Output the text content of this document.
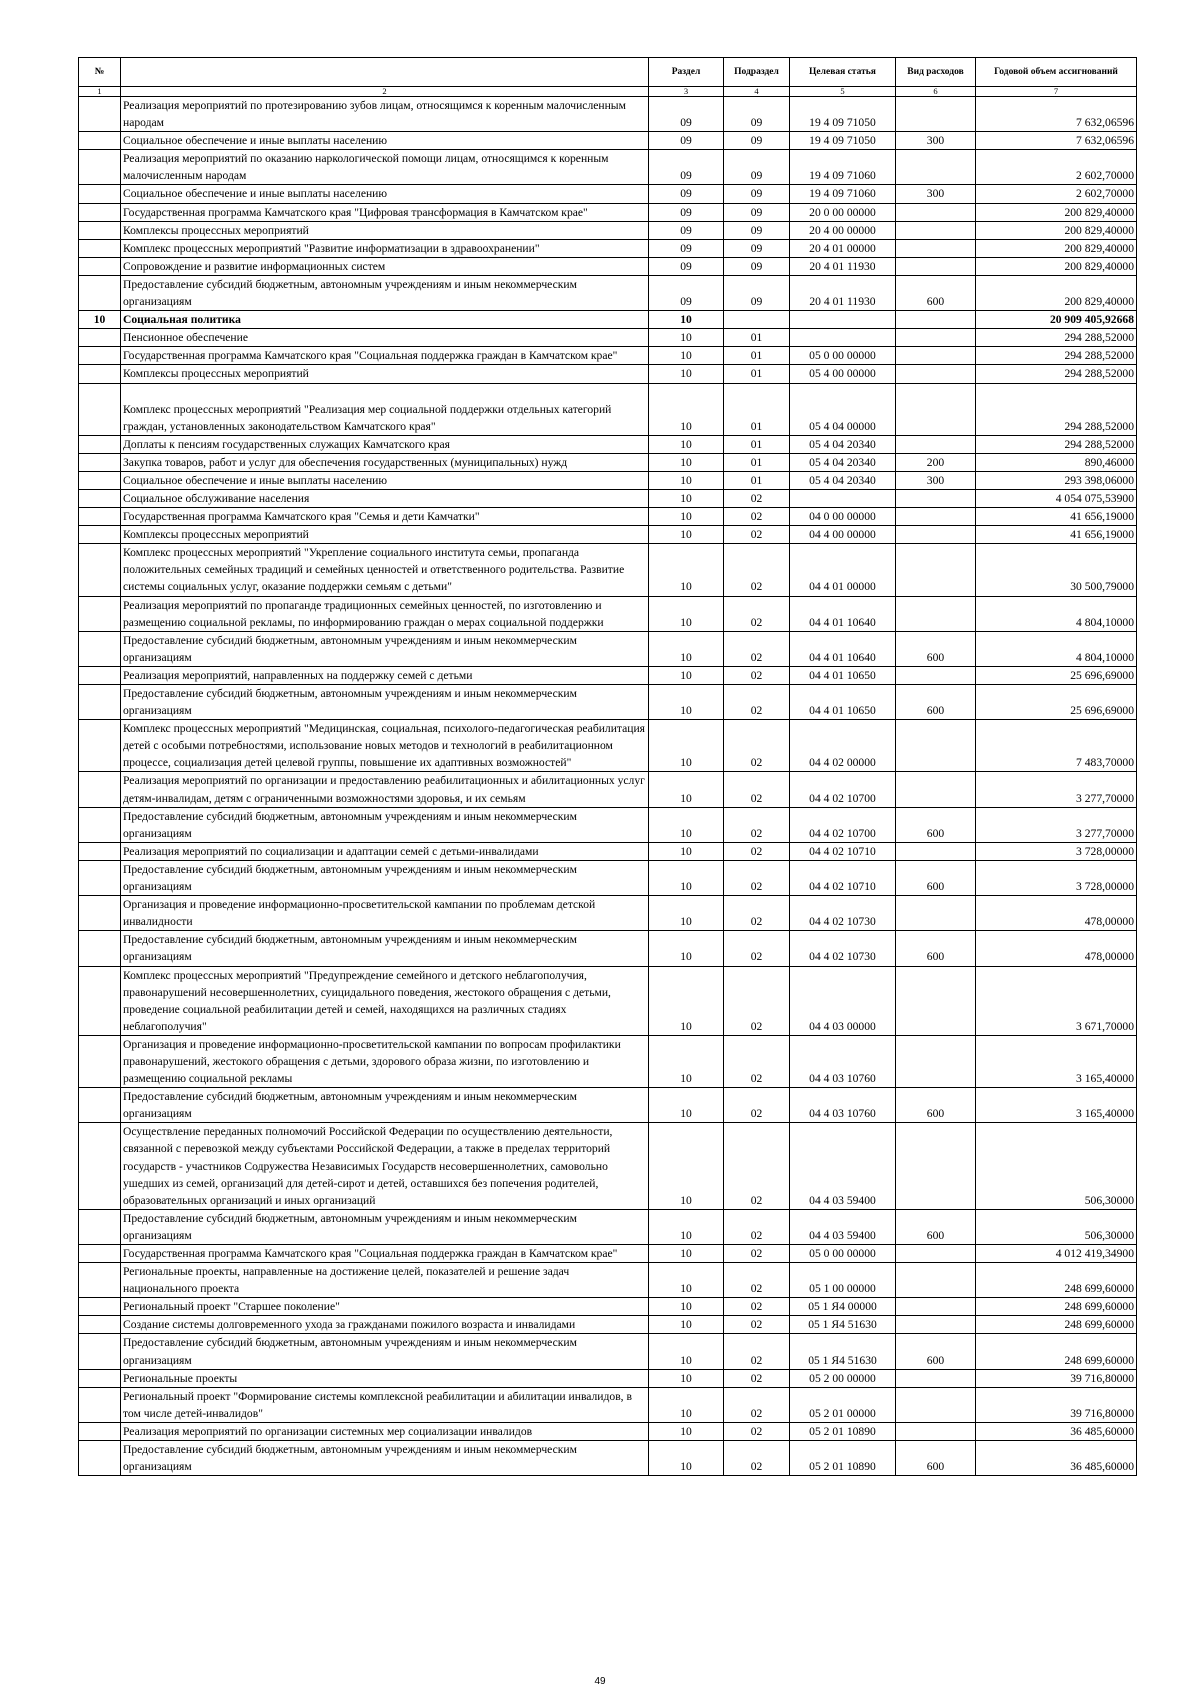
№		Раздел	Подраздел	Целевая статья	Вид расходов	Годовой объем ассигнований
1	2	3	4	5	6	7
	Реализация мероприятий по протезированию зубов лицам, относящимся к коренным малочисленным народам	09	09	19 4 09 71050		7 632,06596
	Социальное обеспечение и иные выплаты населению	09	09	19 4 09 71050	300	7 632,06596
	Реализация мероприятий по оказанию наркологической помощи лицам, относящимся к коренным малочисленным народам	09	09	19 4 09 71060		2 602,70000
	Социальное обеспечение и иные выплаты населению	09	09	19 4 09 71060	300	2 602,70000
	Государственная программа Камчатского края "Цифровая трансформация в Камчатском крае"	09	09	20 0 00 00000		200 829,40000
	Комплексы процессных мероприятий	09	09	20 4 00 00000		200 829,40000
	Комплекс процессных мероприятий "Развитие информатизации в здравоохранении"	09	09	20 4 01 00000		200 829,40000
	Сопровождение и развитие информационных систем	09	09	20 4 01 11930		200 829,40000
	Предоставление субсидий бюджетным, автономным учреждениям и иным некоммерческим организациям	09	09	20 4 01 11930	600	200 829,40000
10	Социальная политика	10				20 909 405,92668
	Пенсионное обеспечение	10	01			294 288,52000
	Государственная программа Камчатского края "Социальная поддержка граждан в Камчатском крае"	10	01	05 0 00 00000		294 288,52000
	Комплексы процессных мероприятий	10	01	05 4 00 00000		294 288,52000
	Комплекс процессных мероприятий "Реализация мер социальной поддержки отдельных категорий граждан, установленных законодательством Камчатского края"	10	01	05 4 04 00000		294 288,52000
	Доплаты к пенсиям государственных служащих Камчатского края	10	01	05 4 04 20340		294 288,52000
	Закупка товаров, работ и услуг для обеспечения государственных (муниципальных) нужд	10	01	05 4 04 20340	200	890,46000
	Социальное обеспечение и иные выплаты населению	10	01	05 4 04 20340	300	293 398,06000
	Социальное обслуживание населения	10	02			4 054 075,53900
	Государственная программа Камчатского края "Семья и дети Камчатки"	10	02	04 0 00 00000		41 656,19000
	Комплексы процессных мероприятий	10	02	04 4 00 00000		41 656,19000
	Комплекс процессных мероприятий "Укрепление социального института семьи, пропаганда положительных семейных традиций и семейных ценностей и ответственного родительства. Развитие системы социальных услуг, оказание поддержки семьям с детьми"	10	02	04 4 01 00000		30 500,79000
	Реализация мероприятий по пропаганде традиционных семейных ценностей, по изготовлению и размещению социальной рекламы, по информированию граждан о мерах социальной поддержки	10	02	04 4 01 10640		4 804,10000
	Предоставление субсидий бюджетным, автономным учреждениям и иным некоммерческим организациям	10	02	04 4 01 10640	600	4 804,10000
	Реализация мероприятий, направленных на поддержку семей с детьми	10	02	04 4 01 10650		25 696,69000
	Предоставление субсидий бюджетным, автономным учреждениям и иным некоммерческим организациям	10	02	04 4 01 10650	600	25 696,69000
	Комплекс процессных мероприятий "Медицинская, социальная, психолого-педагогическая реабилитация детей с особыми потребностями, использование новых методов и технологий в реабилитационном процессе, социализация детей целевой группы, повышение их адаптивных возможностей"	10	02	04 4 02 00000		7 483,70000
	Реализация мероприятий по организации и предоставлению реабилитационных и абилитационных услуг детям-инвалидам, детям с ограниченными возможностями здоровья, и их семьям	10	02	04 4 02 10700		3 277,70000
	Предоставление субсидий бюджетным, автономным учреждениям и иным некоммерческим организациям	10	02	04 4 02 10700	600	3 277,70000
	Реализация мероприятий по социализации и адаптации семей с детьми-инвалидами	10	02	04 4 02 10710		3 728,00000
	Предоставление субсидий бюджетным, автономным учреждениям и иным некоммерческим организациям	10	02	04 4 02 10710	600	3 728,00000
	Организация и проведение информационно-просветительской кампании по проблемам детской инвалидности	10	02	04 4 02 10730		478,00000
	Предоставление субсидий бюджетным, автономным учреждениям и иным некоммерческим организациям	10	02	04 4 02 10730	600	478,00000
	Комплекс процессных мероприятий "Предупреждение семейного и детского неблагополучия, правонарушений несовершеннолетних, суицидального поведения, жестокого обращения с детьми, проведение социальной реабилитации детей и семей, находящихся на различных стадиях неблагополучия"	10	02	04 4 03 00000		3 671,70000
	Организация и проведение информационно-просветительской кампании по вопросам профилактики правонарушений, жестокого обращения с детьми, здорового образа жизни, по изготовлению и размещению социальной рекламы	10	02	04 4 03 10760		3 165,40000
	Предоставление субсидий бюджетным, автономным учреждениям и иным некоммерческим организациям	10	02	04 4 03 10760	600	3 165,40000
	Осуществление переданных полномочий Российской Федерации по осуществлению деятельности, связанной с перевозкой между субъектами Российской Федерации, а также в пределах территорий государств - участников Содружества Независимых Государств несовершеннолетних, самовольно ушедших из семей, организаций для детей-сирот и детей, оставшихся без попечения родителей, образовательных организаций и иных организаций	10	02	04 4 03 59400		506,30000
	Предоставление субсидий бюджетным, автономным учреждениям и иным некоммерческим организациям	10	02	04 4 03 59400	600	506,30000
	Государственная программа Камчатского края "Социальная поддержка граждан в Камчатском крае"	10	02	05 0 00 00000		4 012 419,34900
	Региональные проекты, направленные на достижение целей, показателей и решение задач национального проекта	10	02	05 1 00 00000		248 699,60000
	Региональный проект "Старшее поколение"	10	02	05 1 Я4 00000		248 699,60000
	Создание системы долговременного ухода за гражданами пожилого возраста и инвалидами	10	02	05 1 Я4 51630		248 699,60000
	Предоставление субсидий бюджетным, автономным учреждениям и иным некоммерческим организациям	10	02	05 1 Я4 51630	600	248 699,60000
	Региональные проекты	10	02	05 2 00 00000		39 716,80000
	Региональный проект "Формирование системы комплексной реабилитации и абилитации инвалидов, в том числе детей-инвалидов"	10	02	05 2 01 00000		39 716,80000
	Реализация мероприятий по организации системных мер социализации инвалидов	10	02	05 2 01 10890		36 485,60000
	Предоставление субсидий бюджетным, автономным учреждениям и иным некоммерческим организациям	10	02	05 2 01 10890	600	36 485,60000
49
